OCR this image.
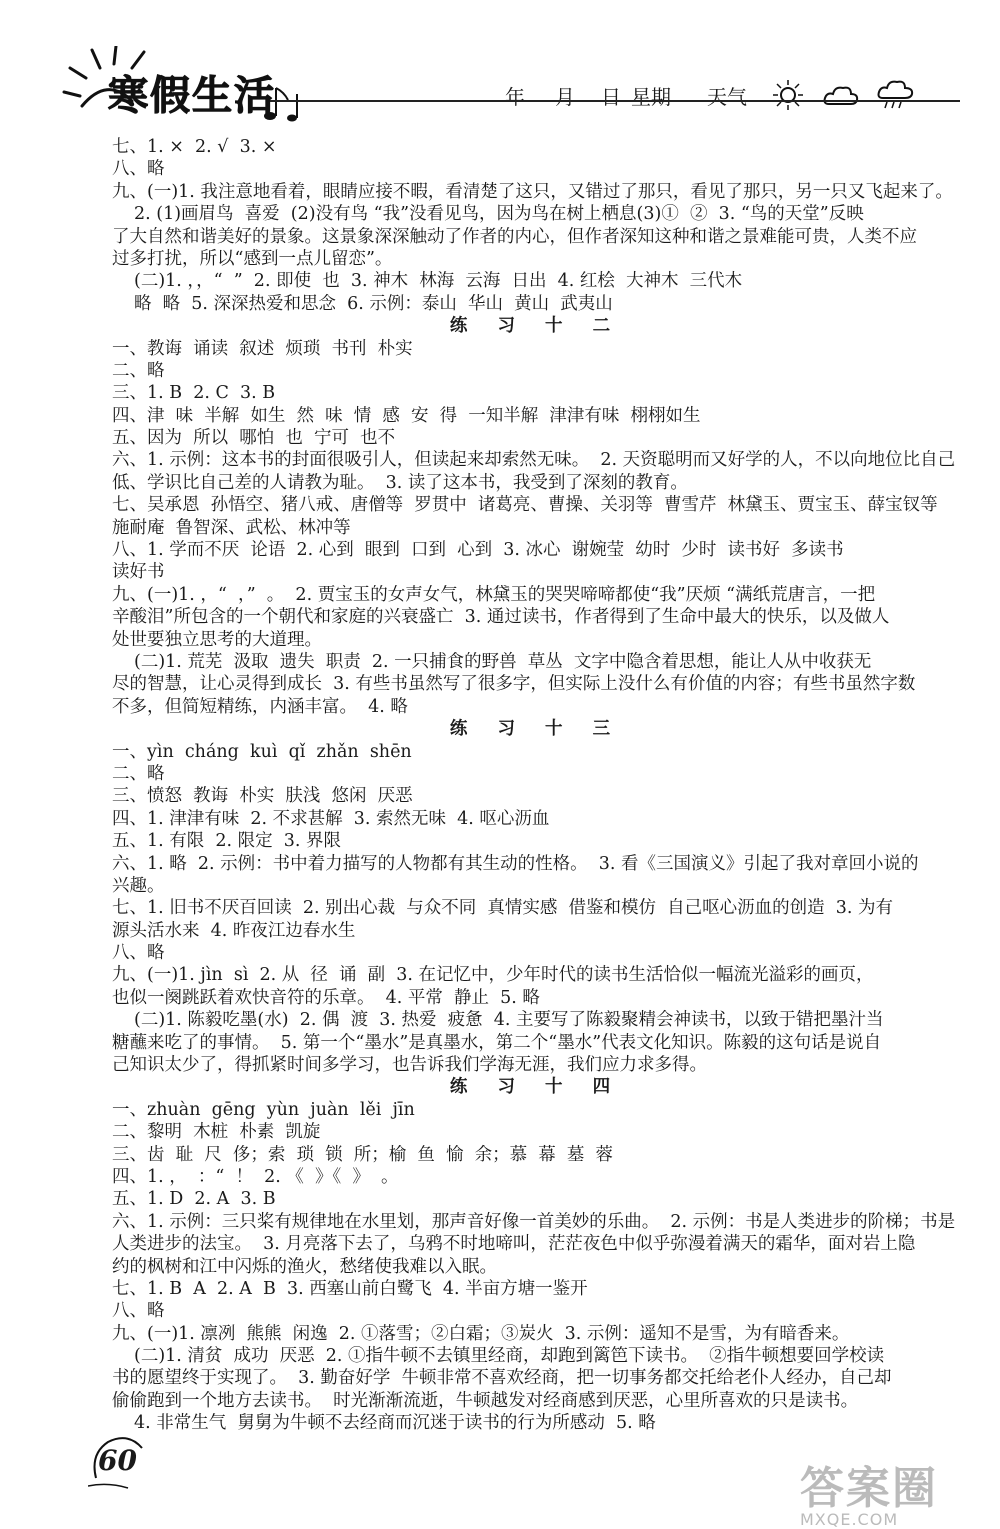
寒假生活	年 月 日 星期 天气
七、1. ×  2. √  3. ×
八、略
九、(一)1. 我注意地看着，眼睛应接不暇，看清楚了这只，又错过了那只，看见了那只，另一只又飞起来了。
2. (1)画眉鸟  喜爱  (2)没有鸟 “我”没看见鸟，因为鸟在树上栖息(3)①  ②  3. “鸟的天堂”反映
了大自然和谐美好的景象。这景象深深触动了作者的内心，但作者深知这种和谐之景难能可贵，人类不应
过多打扰，所以“感到一点儿留恋”。
(二)1. ，，“  ”  2. 即使  也  3. 神木  林海  云海  日出  4. 红桧  大神木  三代木
略  略  5. 深深热爱和思念  6. 示例：泰山  华山  黄山  武夷山
练 习 十 二
一、教诲  诵读  叙述  烦琐  书刊  朴实
二、略
三、1. B  2. C  3. B
四、津  味  半解  如生  然  味  情  感  安  得  一知半解  津津有味  栩栩如生
五、因为  所以  哪怕  也  宁可  也不
六、1. 示例：这本书的封面很吸引人，但读起来却索然无味。  2. 天资聪明而又好学的人，不以向地位比自己
低、学识比自己差的人请教为耻。  3. 读了这本书，我受到了深刻的教育。
七、吴承恩  孙悟空、猪八戒、唐僧等  罗贯中  诸葛亮、曹操、关羽等  曹雪芹  林黛玉、贾宝玉、薛宝钗等
施耐庵  鲁智深、武松、林冲等
八、1. 学而不厌  论语  2. 心到  眼到  口到  心到  3. 冰心  谢婉莹  幼时  少时  读书好  多读书
读好书
九、(一)1. ，“  ，”  。  2. 贾宝玉的女声女气，林黛玉的哭哭啼啼都使“我”厌烦 “满纸荒唐言，一把
辛酸泪”所包含的一个朝代和家庭的兴衰盛亡  3. 通过读书，作者得到了生命中最大的快乐，以及做人
处世要独立思考的大道理。
(二)1. 荒芜  汲取  遗失  职责  2. 一只捕食的野兽  草丛  文字中隐含着思想，能让人从中收获无
尽的智慧，让心灵得到成长  3. 有些书虽然写了很多字，但实际上没什么有价值的内容；有些书虽然字数
不多，但简短精练，内涵丰富。  4. 略
练 习 十 三
一、yìn  cháng  kuì  qǐ  zhǎn  shēn
二、略
三、愤怒  教诲  朴实  肤浅  悠闲  厌恶
四、1. 津津有味  2. 不求甚解  3. 索然无味  4. 呕心沥血
五、1. 有限  2. 限定  3. 界限
六、1. 略  2. 示例：书中着力描写的人物都有其生动的性格。  3. 看《三国演义》引起了我对章回小说的
兴趣。
七、1. 旧书不厌百回读  2. 别出心裁  与众不同  真情实感  借鉴和模仿  自己呕心沥血的创造  3. 为有
源头活水来  4. 昨夜江边春水生
八、略
九、(一)1. jìn  sì  2. 从  径  诵  副  3. 在记忆中，少年时代的读书生活恰似一幅流光溢彩的画页，
也似一阕跳跃着欢快音符的乐章。  4. 平常  静止  5. 略
(二)1. 陈毅吃墨(水)  2. 偶  渡  3. 热爱  疲惫  4. 主要写了陈毅聚精会神读书，以致于错把墨汁当
糖蘸来吃了的事情。  5. 第一个“墨水”是真墨水，第二个“墨水”代表文化知识。陈毅的这句话是说自
己知识太少了，得抓紧时间多学习，也告诉我们学海无涯，我们应力求多得。
练 习 十 四
一、zhuàn  gēng  yùn  juàn  lěi  jīn
二、黎明  木桩  朴素  凯旋
三、齿  耻  尺  侈；索  琐  锁  所；榆  鱼  愉  余；慕  幕  墓  蓉
四、1. ，  ：“  ！  2. 《  》《  》  。
五、1. D  2. A  3. B
六、1. 示例：三只桨有规律地在水里划，那声音好像一首美妙的乐曲。  2. 示例：书是人类进步的阶梯；书是
人类进步的法宝。  3. 月亮落下去了，乌鸦不时地啼叫，茫茫夜色中似乎弥漫着满天的霜华，面对岩上隐
约的枫树和江中闪烁的渔火，愁绪使我难以入眠。
七、1. B  A  2. A  B  3. 西塞山前白鹭飞  4. 半亩方塘一鉴开
八、略
九、(一)1. 凛冽  熊熊  闲逸  2. ①落雪；②白霜；③炭火  3. 示例：遥知不是雪，为有暗香来。
(二)1. 清贫  成功  厌恶  2. ①指牛顿不去镇里经商，却跑到篱笆下读书。  ②指牛顿想要回学校读
书的愿望终于实现了。  3. 勤奋好学  牛顿非常不喜欢经商，把一切事务都交托给老仆人经办，自己却
偷偷跑到一个地方去读书。  时光渐渐流逝，牛顿越发对经商感到厌恶，心里所喜欢的只是读书。
4. 非常生气  舅舅为牛顿不去经商而沉迷于读书的行为所感动  5. 略
60
答案圈
MXQE.COM
